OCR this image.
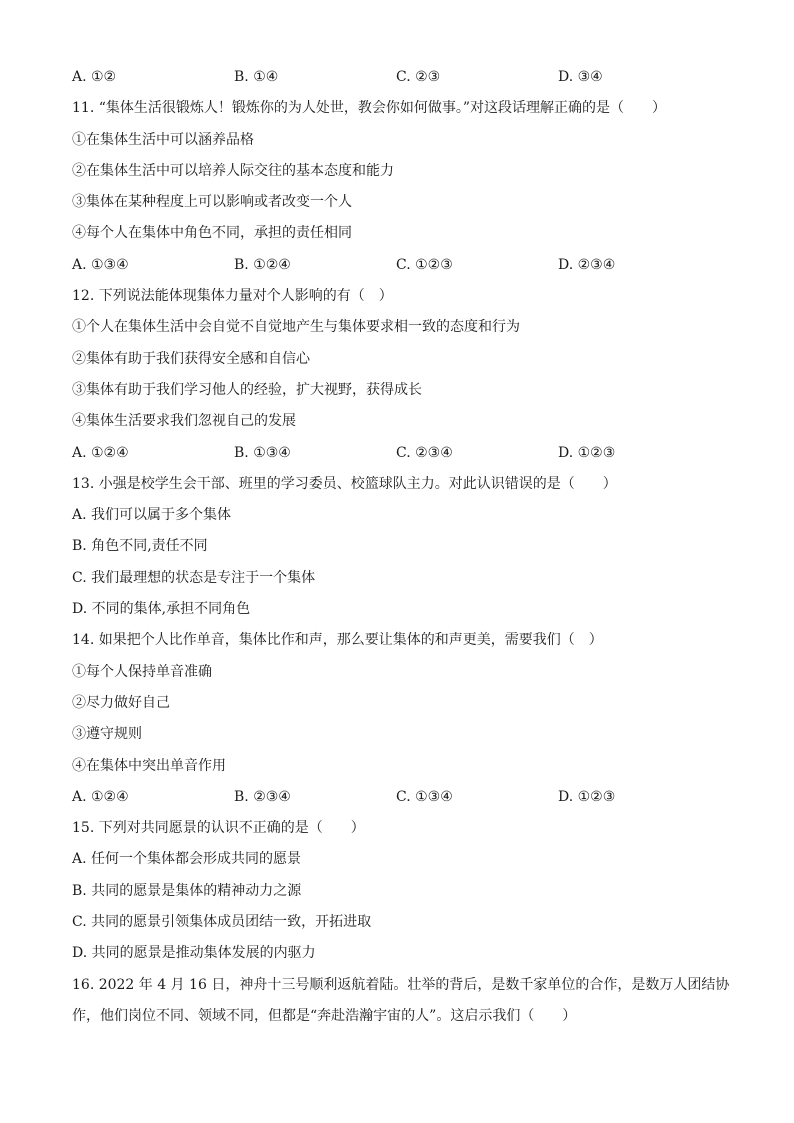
A. ①②	B. ①④	C. ②③	D. ③④
11. “集体生活很锻炼人！锻炼你的为人处世，教会你如何做事。”对这段话理解正确的是（　　）
①在集体生活中可以涵养品格
②在集体生活中可以培养人际交往的基本态度和能力
③集体在某种程度上可以影响或者改变一个人
④每个人在集体中角色不同，承担的责任相同
A. ①③④	B. ①②④	C. ①②③	D. ②③④
12. 下列说法能体现集体力量对个人影响的有（　）
①个人在集体生活中会自觉不自觉地产生与集体要求相一致的态度和行为
②集体有助于我们获得安全感和自信心
③集体有助于我们学习他人的经验，扩大视野，获得成长
④集体生活要求我们忽视自己的发展
A. ①②④	B. ①③④	C. ②③④	D. ①②③
13. 小强是校学生会干部、班里的学习委员、校篮球队主力。对此认识错误的是（　　）
A. 我们可以属于多个集体
B. 角色不同,责任不同
C. 我们最理想的状态是专注于一个集体
D. 不同的集体,承担不同角色
14. 如果把个人比作单音，集体比作和声，那么要让集体的和声更美，需要我们（　）
①每个人保持单音准确
②尽力做好自己
③遵守规则
④在集体中突出单音作用
A. ①②④	B. ②③④	C. ①③④	D. ①②③
15. 下列对共同愿景的认识不正确的是（　　）
A. 任何一个集体都会形成共同的愿景
B. 共同的愿景是集体的精神动力之源
C. 共同的愿景引领集体成员团结一致，开拓进取
D. 共同的愿景是推动集体发展的内驱力
16. 2022 年 4 月 16 日，神舟十三号顺利返航着陆。壮举的背后，是数千家单位的合作，是数万人团结协
作，他们岗位不同、领域不同，但都是“奔赴浩瀚宇宙的人”。这启示我们（　　）
